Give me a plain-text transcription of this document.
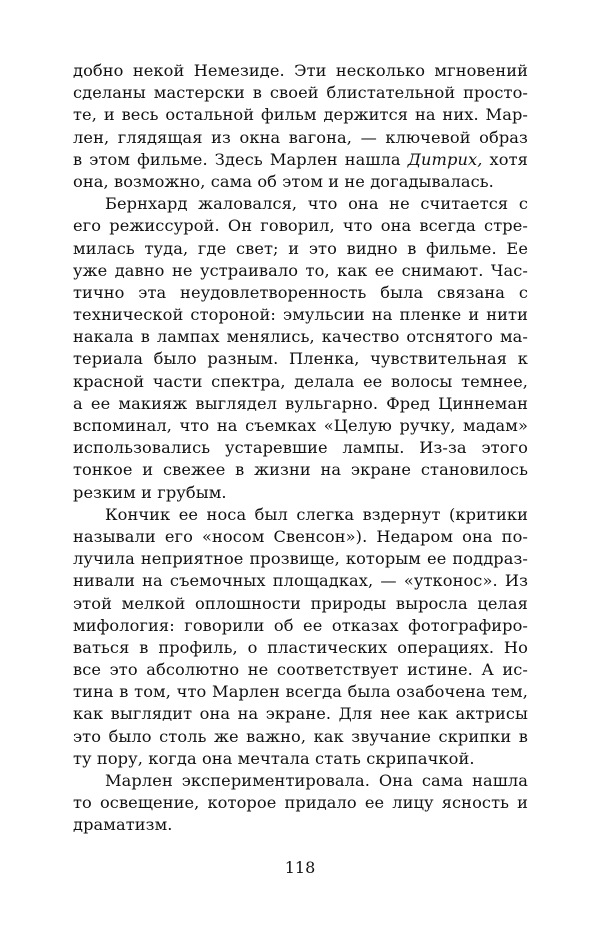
добно некой Немезиде. Эти несколько мгновений
сделаны мастерски в своей блистательной просто-
те, и весь остальной фильм держится на них. Мар-
лен, глядящая из окна вагона, — ключевой образ
в этом фильме. Здесь Марлен нашла Дитрих, хотя
она, возможно, сама об этом и не догадывалась.
Бернхард жаловался, что она не считается с
его режиссурой. Он говорил, что она всегда стре-
милась туда, где свет; и это видно в фильме. Ее
уже давно не устраивало то, как ее снимают. Час-
тично эта неудовлетворенность была связана с
технической стороной: эмульсии на пленке и нити
накала в лампах менялись, качество отснятого ма-
териала было разным. Пленка, чувствительная к
красной части спектра, делала ее волосы темнее,
а ее макияж выглядел вульгарно. Фред Циннеман
вспоминал, что на съемках «Целую ручку, мадам»
использовались устаревшие лампы. Из-за этого
тонкое и свежее в жизни на экране становилось
резким и грубым.
Кончик ее носа был слегка вздернут (критики
называли его «носом Свенсон»). Недаром она по-
лучила неприятное прозвище, которым ее поддраз-
нивали на съемочных площадках, — «утконос». Из
этой мелкой оплошности природы выросла целая
мифология: говорили об ее отказах фотографиро-
ваться в профиль, о пластических операциях. Но
все это абсолютно не соответствует истине. А ис-
тина в том, что Марлен всегда была озабочена тем,
как выглядит она на экране. Для нее как актрисы
это было столь же важно, как звучание скрипки в
ту пору, когда она мечтала стать скрипачкой.
Марлен экспериментировала. Она сама нашла
то освещение, которое придало ее лицу ясность и
драматизм.
118
